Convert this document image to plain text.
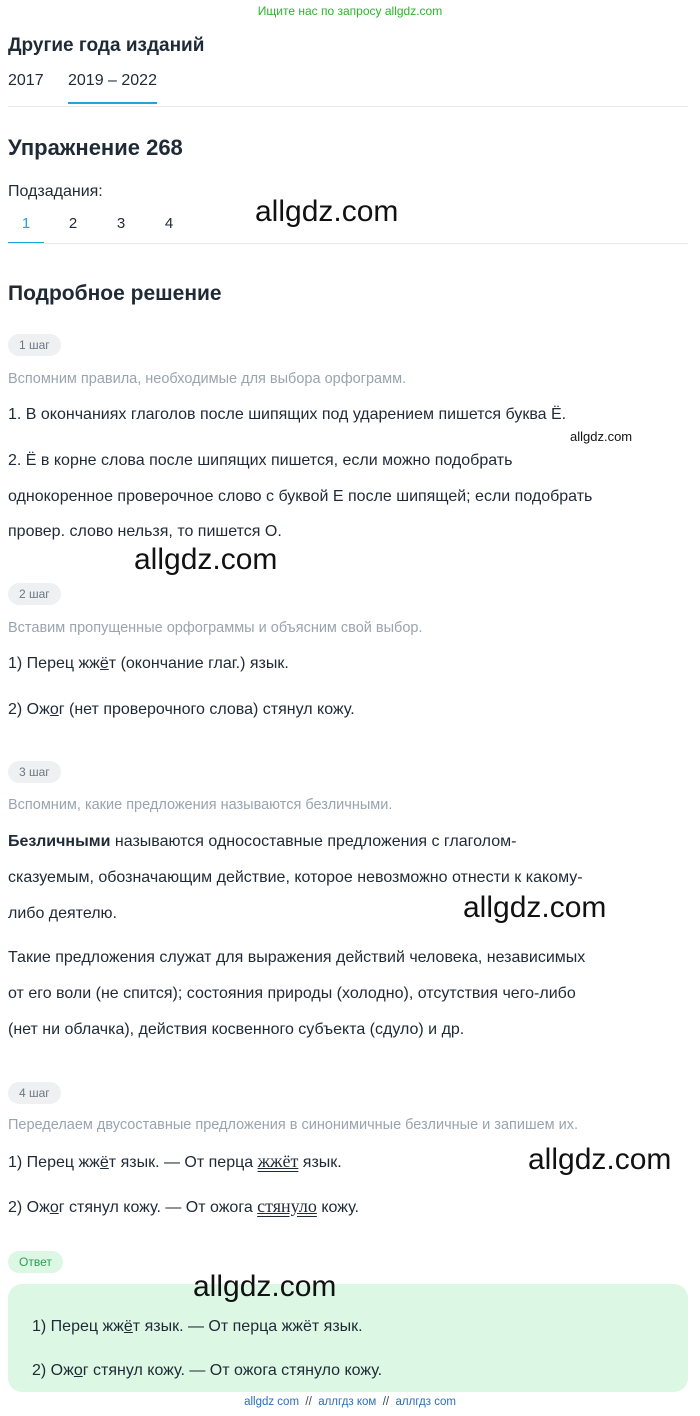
Ищите нас по запросу allgdz.com
Другие года изданий
2017 2019 – 2022
Упражнение 268
Подзадания:
1	2	3	4	allgdz.com
Подробное решение
1 шаг
Вспомним правила, необходимые для выбора орфограмм.
1. В окончаниях глаголов после шипящих под ударением пишется буква Ё.
allgdz.com
2. Ё в корне слова после шипящих пишется, если можно подобрать
однокоренное проверочное слово с буквой Е после шипящей; если подобрать
провер. слово нельзя, то пишется О.
allgdz.com
2 шаг
Вставим пропущенные орфограммы и объясним свой выбор.
1) Перец жжёт (окончание глаг.) язык.
2) Ожог (нет проверочного слова) стянул кожу.
3 шаг
Вспомним, какие предложения называются безличными.
Безличными называются односоставные предложения с глаголом-
сказуемым, обозначающим действие, которое невозможно отнести к какому-
либо деятелю.	allgdz.com
Такие предложения служат для выражения действий человека, независимых
от его воли (не спится); состояния природы (холодно), отсутствия чего-либо
(нет ни облачка), действия косвенного субъекта (сдуло) и др.
4 шаг
Переделаем двусоставные предложения в синонимичные безличные и запишем их.
1) Перец жжёт язык. — От перца жжёт язык.	allgdz.com
2) Ожог стянул кожу. — От ожога стянуло кожу.
Ответ
allgdz.com
1) Перец жжёт язык. — От перца жжёт язык.
2) Ожог стянул кожу. — От ожога стянуло кожу.
allgdz com // аллгдз ком // аллгдз com
